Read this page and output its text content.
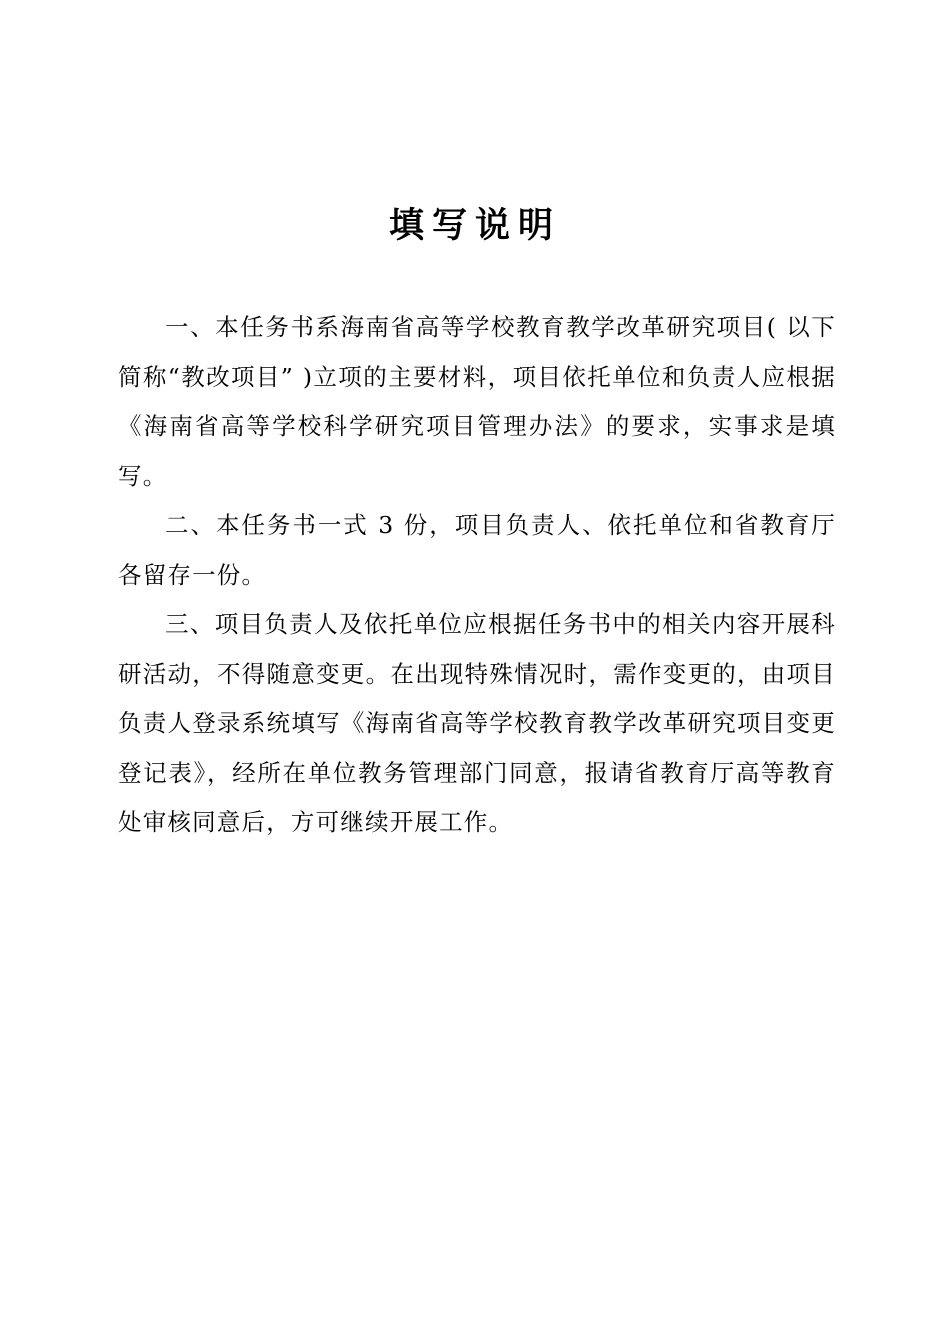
填写说明

一、本任务书系海南省高等学校教育教学改革研究项目( 以下简称“教改项目” )立项的主要材料，项目依托单位和负责人应根据《海南省高等学校科学研究项目管理办法》的要求，实事求是填写。

二、本任务书一式 3 份，项目负责人、依托单位和省教育厅各留存一份。

三、项目负责人及依托单位应根据任务书中的相关内容开展科研活动，不得随意变更。在出现特殊情况时，需作变更的，由项目负责人登录系统填写《海南省高等学校教育教学改革研究项目变更登记表》，经所在单位教务管理部门同意，报请省教育厅高等教育处审核同意后，方可继续开展工作。
